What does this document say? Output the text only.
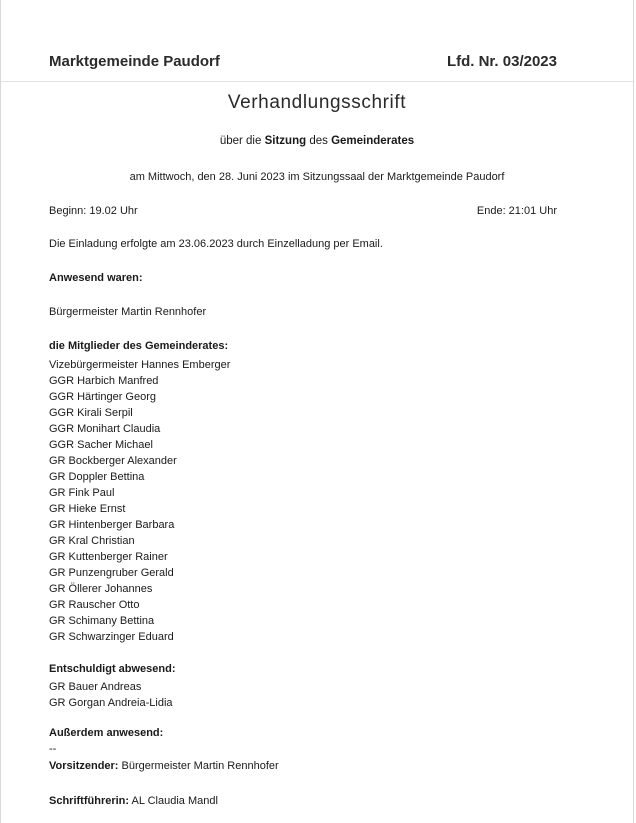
Marktgemeinde Paudorf	Lfd. Nr. 03/2023
Verhandlungsschrift
über die Sitzung des Gemeinderates
am Mittwoch, den 28. Juni 2023 im Sitzungssaal der Marktgemeinde Paudorf
Beginn: 19.02 Uhr	Ende: 21:01 Uhr
Die Einladung erfolgte am 23.06.2023 durch Einzelladung per Email.
Anwesend waren:
Bürgermeister Martin Rennhofer
die Mitglieder des Gemeinderates:
Vizebürgermeister Hannes Emberger
GGR Harbich Manfred
GGR Härtinger Georg
GGR Kirali Serpil
GGR Monihart Claudia
GGR Sacher Michael
GR Bockberger Alexander
GR Doppler Bettina
GR Fink Paul
GR Hieke Ernst
GR Hintenberger Barbara
GR Kral Christian
GR Kuttenberger Rainer
GR Punzengruber Gerald
GR Öllerer Johannes
GR Rauscher Otto
GR Schimany Bettina
GR Schwarzinger Eduard
Entschuldigt abwesend:
GR Bauer Andreas
GR Gorgan Andreia-Lidia
Außerdem anwesend:
--
Vorsitzender: Bürgermeister Martin Rennhofer
Schriftführerin: AL Claudia Mandl
